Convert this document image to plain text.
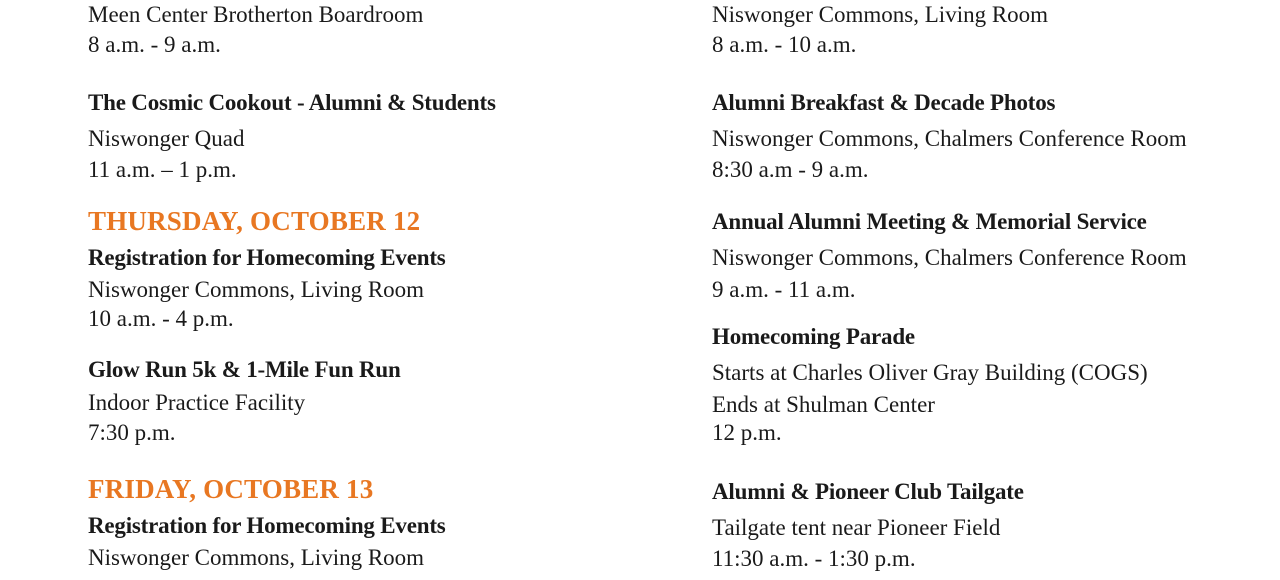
Meen Center Brotherton Boardroom
8 a.m. - 9 a.m.
The Cosmic Cookout - Alumni & Students
Niswonger Quad
11 a.m. – 1 p.m.
THURSDAY, OCTOBER 12
Registration for Homecoming Events
Niswonger Commons, Living Room
10 a.m. - 4 p.m.
Glow Run 5k & 1-Mile Fun Run
Indoor Practice Facility
7:30 p.m.
FRIDAY, OCTOBER 13
Registration for Homecoming Events
Niswonger Commons, Living Room
Niswonger Commons, Living Room
8 a.m. - 10 a.m.
Alumni Breakfast & Decade Photos
Niswonger Commons, Chalmers Conference Room
8:30 a.m - 9 a.m.
Annual Alumni Meeting & Memorial Service
Niswonger Commons, Chalmers Conference Room
9 a.m. - 11 a.m.
Homecoming Parade
Starts at Charles Oliver Gray Building (COGS)
Ends at Shulman Center
12 p.m.
Alumni & Pioneer Club Tailgate
Tailgate tent near Pioneer Field
11:30 a.m. - 1:30 p.m.
